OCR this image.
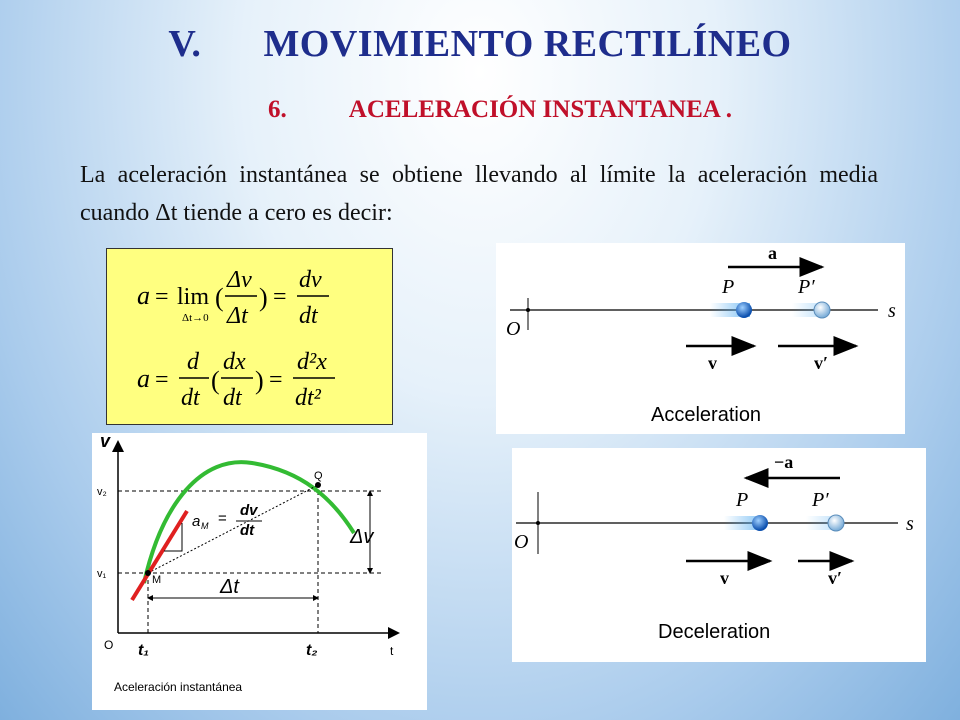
V. MOVIMIENTO RECTILÍNEO
6. ACELERACIÓN INSTANTANEA .
La aceleración instantánea se obtiene llevando al límite la aceleración media cuando Δt tiende a cero es decir:
a = lim
Δt→0
(
Δv
Δt
) =
dv
dt
a =
d
dt
(
dx
dt
) =
d²x
dt²
v
t
O
v₂
v₁
t₁	t₂
M
Q
a M = dv
dt	Δv
Δt
Aceleración instantánea
O
s
a
P	P′
v	v′
Acceleration
O
s
−a
P	P′
v	v′
Deceleration
